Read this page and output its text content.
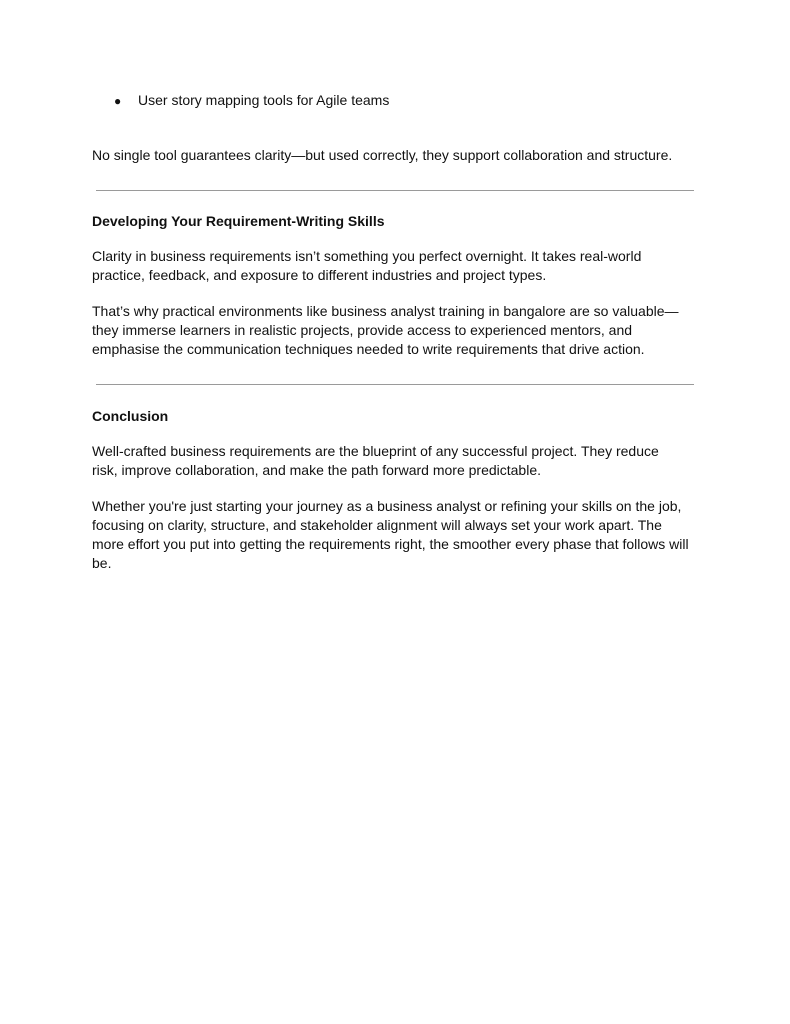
● User story mapping tools for Agile teams

No single tool guarantees clarity—but used correctly, they support collaboration and structure.

Developing Your Requirement-Writing Skills

Clarity in business requirements isn’t something you perfect overnight. It takes real-world practice, feedback, and exposure to different industries and project types.

That’s why practical environments like business analyst training in bangalore are so valuable—they immerse learners in realistic projects, provide access to experienced mentors, and emphasise the communication techniques needed to write requirements that drive action.

Conclusion

Well-crafted business requirements are the blueprint of any successful project. They reduce risk, improve collaboration, and make the path forward more predictable.

Whether you're just starting your journey as a business analyst or refining your skills on the job, focusing on clarity, structure, and stakeholder alignment will always set your work apart. The more effort you put into getting the requirements right, the smoother every phase that follows will be.
